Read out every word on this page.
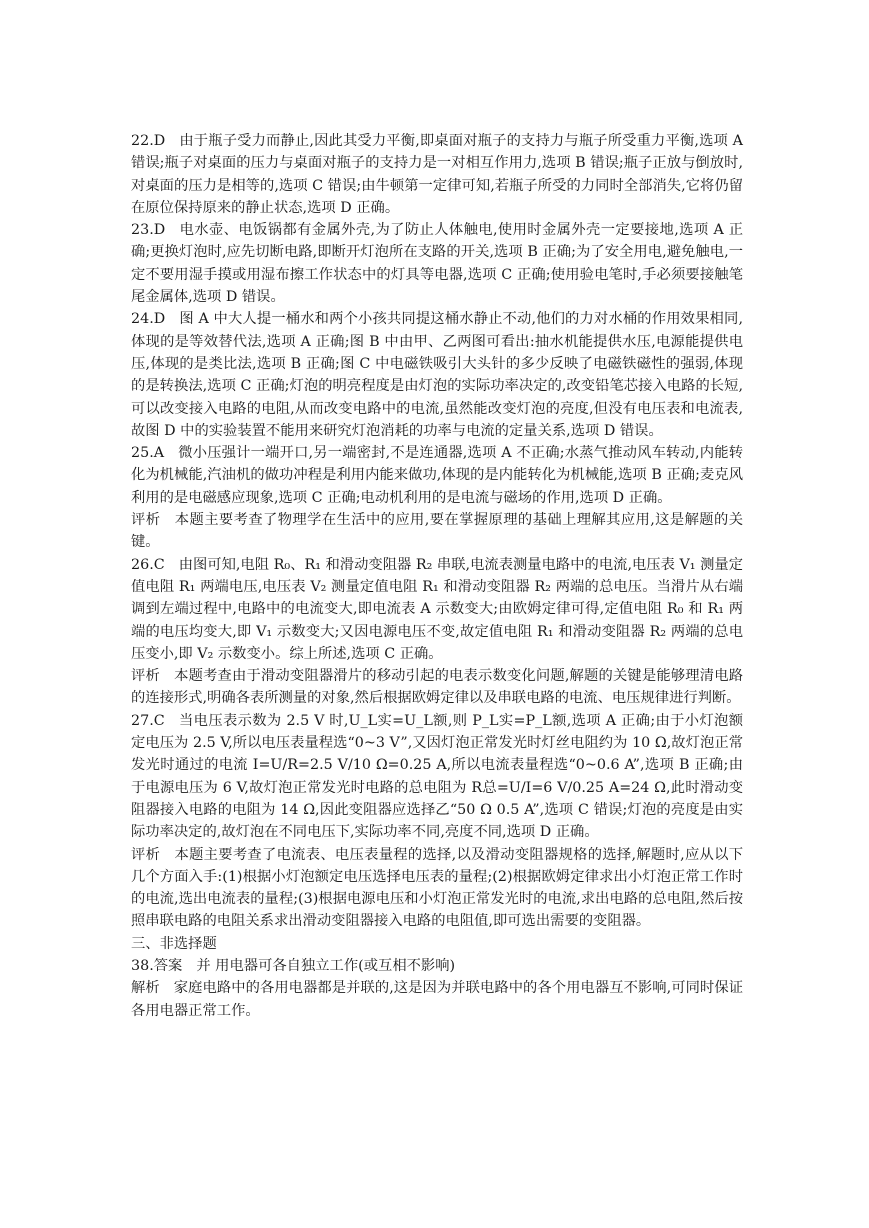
22.D 由于瓶子受力而静止,因此其受力平衡,即桌面对瓶子的支持力与瓶子所受重力平衡,选项 A 错误;瓶子对桌面的压力与桌面对瓶子的支持力是一对相互作用力,选项 B 错误;瓶子正放与倒放时,对桌面的压力是相等的,选项 C 错误;由牛顿第一定律可知,若瓶子所受的力同时全部消失,它将仍留在原位保持原来的静止状态,选项 D 正确。

23.D 电水壶、电饭锅都有金属外壳,为了防止人体触电,使用时金属外壳一定要接地,选项 A 正确;更换灯泡时,应先切断电路,即断开灯泡所在支路的开关,选项 B 正确;为了安全用电,避免触电,一定不要用湿手摸或用湿布擦工作状态中的灯具等电器,选项 C 正确;使用验电笔时,手必须要接触笔尾金属体,选项 D 错误。

24.D 图 A 中大人提一桶水和两个小孩共同提这桶水静止不动,他们的力对水桶的作用效果相同,体现的是等效替代法,选项 A 正确;图 B 中由甲、乙两图可看出:抽水机能提供水压,电源能提供电压,体现的是类比法,选项 B 正确;图 C 中电磁铁吸引大头针的多少反映了电磁铁磁性的强弱,体现的是转换法,选项 C 正确;灯泡的明亮程度是由灯泡的实际功率决定的,改变铅笔芯接入电路的长短,可以改变接入电路的电阻,从而改变电路中的电流,虽然能改变灯泡的亮度,但没有电压表和电流表,故图 D 中的实验装置不能用来研究灯泡消耗的功率与电流的定量关系,选项 D 错误。

25.A 微小压强计一端开口,另一端密封,不是连通器,选项 A 不正确;水蒸气推动风车转动,内能转化为机械能,汽油机的做功冲程是利用内能来做功,体现的是内能转化为机械能,选项 B 正确;麦克风利用的是电磁感应现象,选项 C 正确;电动机利用的是电流与磁场的作用,选项 D 正确。

评析 本题主要考查了物理学在生活中的应用,要在掌握原理的基础上理解其应用,这是解题的关键。

26.C 由图可知,电阻 R₀、R₁ 和滑动变阻器 R₂ 串联,电流表测量电路中的电流,电压表 V₁ 测量定值电阻 R₁ 两端电压,电压表 V₂ 测量定值电阻 R₁ 和滑动变阻器 R₂ 两端的总电压。当滑片从右端调到左端过程中,电路中的电流变大,即电流表 A 示数变大;由欧姆定律可得,定值电阻 R₀ 和 R₁ 两端的电压均变大,即 V₁ 示数变大;又因电源电压不变,故定值电阻 R₁ 和滑动变阻器 R₂ 两端的总电压变小,即 V₂ 示数变小。综上所述,选项 C 正确。

评析 本题考查由于滑动变阻器滑片的移动引起的电表示数变化问题,解题的关键是能够理清电路的连接形式,明确各表所测量的对象,然后根据欧姆定律以及串联电路的电流、电压规律进行判断。

27.C 当电压表示数为 2.5 V 时,U_L实=U_L额,则 P_L实=P_L额,选项 A 正确;由于小灯泡额定电压为 2.5 V,所以电压表量程选“0~3 V”,又因灯泡正常发光时灯丝电阻约为 10 Ω,故灯泡正常发光时通过的电流 I=U/R=2.5 V/10 Ω=0.25 A,所以电流表量程选“0~0.6 A”,选项 B 正确;由于电源电压为 6 V,故灯泡正常发光时电路的总电阻为 R总=U/I=6 V/0.25 A=24 Ω,此时滑动变阻器接入电路的电阻为 14 Ω,因此变阻器应选择乙“50 Ω 0.5 A”,选项 C 错误;灯泡的亮度是由实际功率决定的,故灯泡在不同电压下,实际功率不同,亮度不同,选项 D 正确。

评析 本题主要考查了电流表、电压表量程的选择,以及滑动变阻器规格的选择,解题时,应从以下几个方面入手:(1)根据小灯泡额定电压选择电压表的量程;(2)根据欧姆定律求出小灯泡正常工作时的电流,选出电流表的量程;(3)根据电源电压和小灯泡正常发光时的电流,求出电路的总电阻,然后按照串联电路的电阻关系求出滑动变阻器接入电路的电阻值,即可选出需要的变阻器。

三、非选择题

38.答案 并 用电器可各自独立工作(或互相不影响)

解析 家庭电路中的各用电器都是并联的,这是因为并联电路中的各个用电器互不影响,可同时保证各用电器正常工作。
